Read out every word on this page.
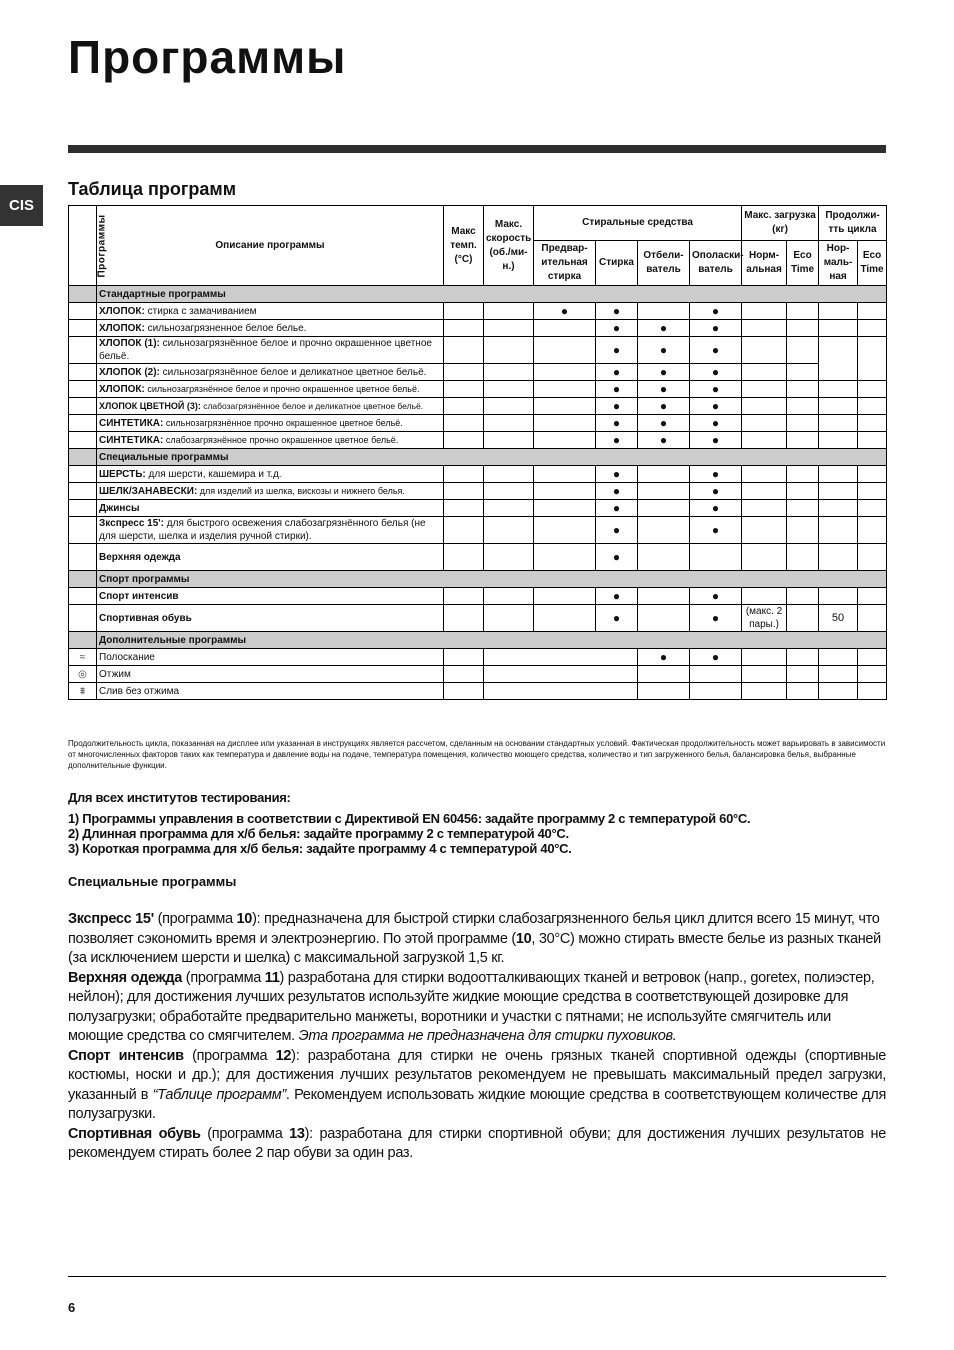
Программы
CIS
Таблица программ
Программы	Описание программы	Макс темп. (°C)	Макс. скорость (об./ми-н.)	Стиральные средства				Макс. загрузка (кг)		Продолжи-тть цикла	
				Предвар-ительная стирка	Стирка	Отбели-ватель	Ополаски-ватель	Норм-альная	Eco Time	Нор-маль-ная	Eco Time
	Стандартные программы										
	ХЛОПОК: стирка с замачиванием			●	●		●				
	ХЛОПОК: сильнозагрязненное белое белье.				●	●	●				
	ХЛОПОК (1): сильнозагрязнённое белое и прочно окрашенное цветное бельё.				●	●	●				
	ХЛОПОК (2): сильнозагрязнённое белое и деликатное цветное бельё.				●	●	●				
	ХЛОПОК: сильнозагрязнённое белое и прочно окрашенное цветное бельё.				●	●	●				
	ХЛОПОК ЦВЕТНОЙ (3): слабозагрязнённое белое и деликатное цветное бельё.				●	●	●				
	СИНТЕТИКА: сильнозагрязнённое прочно окрашенное цветное бельё.				●	●	●				
	СИНТЕТИКА: слабозагрязнённое прочно окрашенное цветное бельё.				●	●	●				
	Специальные программы										
	ШЕРСТЬ: для шерсти, кашемира и т.д.				●		●				
	ШЕЛК/ЗАНАВЕСКИ: для изделий из шелка, вискозы и нижнего белья.				●		●				
	Джинсы				●		●				
	Зкспресс 15': для быстрого освежения слабозагрязнённого белья (не для шерсти, шелка и изделия ручной стирки).				●		●				
	Верхняя одежда				●						
	Спорт программы										
	Спорт интенсив				●		●				
	Спортивная обувь				●		●	(макс. 2 пары.)		50	
	Дополнительные программы										
≈	Полоскание					●	●				
◎	Отжим										
⩩	Слив без отжима										

Продолжительность цикла, показанная на дисплее или указанная в инструкциях является рассчетом, сделанным на основании стандартных условий. Фактическая продолжительность может варьировать в зависимости от многочисленных факторов таких как температура и давление воды на подаче, температура помещения, количество моющего средства, количество и тип загруженного белья, балансировка белья, выбранные дополнительные функции.

Для всех институтов тестирования:
1) Программы управления в соответствии с Директивой EN 60456: задайте программу 2 с температурой 60°С.
2) Длинная программа для х/б белья: задайте программу 2 с температурой 40°С.
3) Короткая программа для х/б белья: задайте программу 4 с температурой 40°С.
Специальные программы

Зкспресс 15' (программа 10): предназначена для быстрой стирки слабозагрязненного белья цикл длится всего 15 минут, что позволяет сэкономить время и электроэнергию. По этой программе (10, 30°С) можно стирать вместе белье из разных тканей (за исключением шерсти и шелка) с максимальной загрузкой 1,5 кг.

Верхняя одежда (программа 11) разработана для стирки водоотталкивающих тканей и ветровок (напр., goretex, полиэстер, нейлон); для достижения лучших результатов используйте жидкие моющие средства в соответствующей дозировке для полузагрузки; обработайте предварительно манжеты, воротники и участки с пятнами; не используйте смягчитель или моющие средства со смягчителем. Эта программа не предназначена для стирки пуховиков.

Спорт интенсив (программа 12): разработана для стирки не очень грязных тканей спортивной одежды (спортивные костюмы, носки и др.); для достижения лучших результатов рекомендуем не превышать максимальный предел загрузки, указанный в “Таблице программ”. Рекомендуем использовать жидкие моющие средства в соответствующем количестве для полузагрузки.

Спортивная обувь (программа 13): разработана для стирки спортивной обуви; для достижения лучших результатов не рекомендуем стирать более 2 пар обуви за один раз.

6
